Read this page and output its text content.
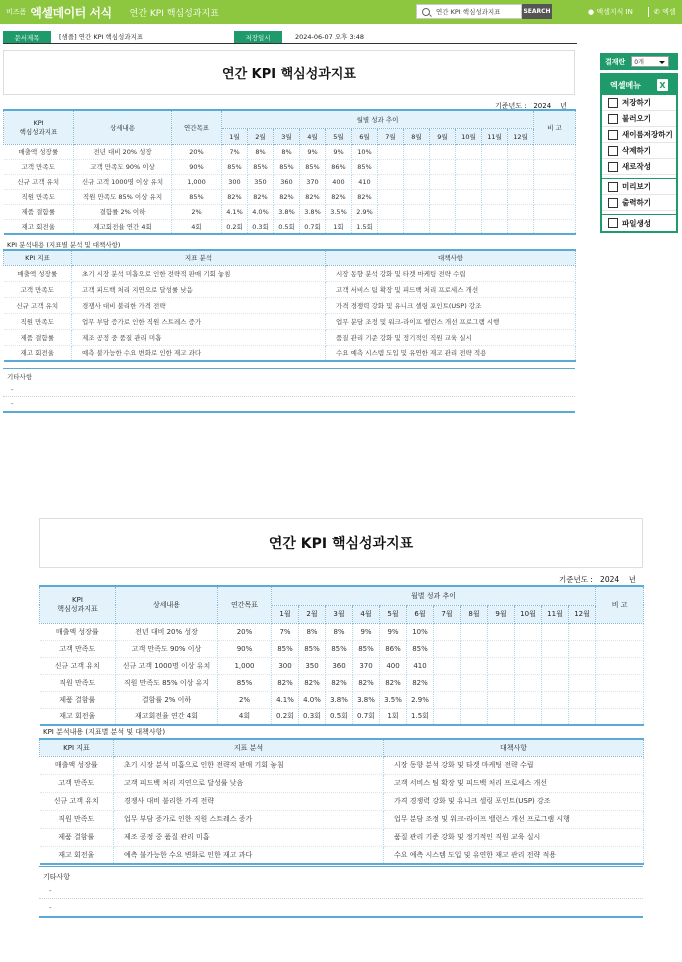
비즈폼 엑셀데이터 서식 연간 KPI 핵심성과지표
연간 KPI 핵심성과지표	SEARCH	● 엑셀지식 IN	✆ 엑셀
문서제목	[샘플] 연간 KPI 핵심성과지표	저장일시	2024-06-07 오후 3:48
연간 KPI 핵심성과지표
기준년도 : 2024 년
KPI
핵심성과지표	상세내용	연간목표	월별 성과 추이												비 고
			1월	2월	3월	4월	5월	6월	7월	8월	9월	10월	11월	12월	
매출액 성장률	전년 대비 20% 성장	20%	7%	8%	8%	9%	9%	10%							
고객 만족도	고객 만족도 90% 이상	90%	85%	85%	85%	85%	86%	85%							
신규 고객 유치	신규 고객 1000명 이상 유치	1,000	300	350	360	370	400	410							
직원 만족도	직원 만족도 85% 이상 유지	85%	82%	82%	82%	82%	82%	82%							
제품 결함률	결함률 2% 이하	2%	4.1%	4.0%	3.8%	3.8%	3.5%	2.9%							
재고 회전율	재고회전율 연간 4회	4회	0.2회	0.3회	0.5회	0.7회	1회	1.5회							
KPI 분석내용 (지표별 분석 및 대책사항)
KPI 지표	지표 분석	대책사항
매출액 성장률	초기 시장 분석 미흡으로 인한 전략적 판매 기회 놓침	시장 동향 분석 강화 및 타겟 마케팅 전략 수립
고객 만족도	고객 피드백 처리 지연으로 달성률 낮음	고객 서비스 팀 확장 및 피드백 처리 프로세스 개선
신규 고객 유치	경쟁사 대비 불리한 가격 전략	가격 경쟁력 강화 및 유니크 셀링 포인트(USP) 강조
직원 만족도	업무 부담 증가로 인한 직원 스트레스 증가	업무 분담 조정 및 워크-라이프 밸런스 개선 프로그램 시행
제품 결함률	제조 공정 중 품질 관리 미흡	품질 관리 기준 강화 및 정기적인 직원 교육 실시
재고 회전율	예측 불가능한 수요 변화로 인한 재고 과다	수요 예측 시스템 도입 및 유연한 재고 관리 전략 적용
기타사항
-
-
연간 KPI 핵심성과지표
기준년도 : 2024 년
KPI
핵심성과지표	상세내용	연간목표	월별 성과 추이												비 고
			1월	2월	3월	4월	5월	6월	7월	8월	9월	10월	11월	12월	
매출액 성장률	전년 대비 20% 성장	20%	7%	8%	8%	9%	9%	10%							
고객 만족도	고객 만족도 90% 이상	90%	85%	85%	85%	85%	86%	85%							
신규 고객 유치	신규 고객 1000명 이상 유치	1,000	300	350	360	370	400	410							
직원 만족도	직원 만족도 85% 이상 유지	85%	82%	82%	82%	82%	82%	82%							
제품 결함률	결함률 2% 이하	2%	4.1%	4.0%	3.8%	3.8%	3.5%	2.9%							
재고 회전율	재고회전율 연간 4회	4회	0.2회	0.3회	0.5회	0.7회	1회	1.5회							
KPI 분석내용 (지표별 분석 및 대책사항)
KPI 지표	지표 분석	대책사항
매출액 성장률	초기 시장 분석 미흡으로 인한 전략적 판매 기회 놓침	시장 동향 분석 강화 및 타겟 마케팅 전략 수립
고객 만족도	고객 피드백 처리 지연으로 달성률 낮음	고객 서비스 팀 확장 및 피드백 처리 프로세스 개선
신규 고객 유치	경쟁사 대비 불리한 가격 전략	가격 경쟁력 강화 및 유니크 셀링 포인트(USP) 강조
직원 만족도	업무 부담 증가로 인한 직원 스트레스 증가	업무 분담 조정 및 워크-라이프 밸런스 개선 프로그램 시행
제품 결함률	제조 공정 중 품질 관리 미흡	품질 관리 기준 강화 및 정기적인 직원 교육 실시
재고 회전율	예측 불가능한 수요 변화로 인한 재고 과다	수요 예측 시스템 도입 및 유연한 재고 관리 전략 적용
기타사항
-
-
결재란	0개
엑셀메뉴	X
저장하기
불러오기
새이름저장하기
삭제하기
새로작성
미리보기
출력하기
파일생성
